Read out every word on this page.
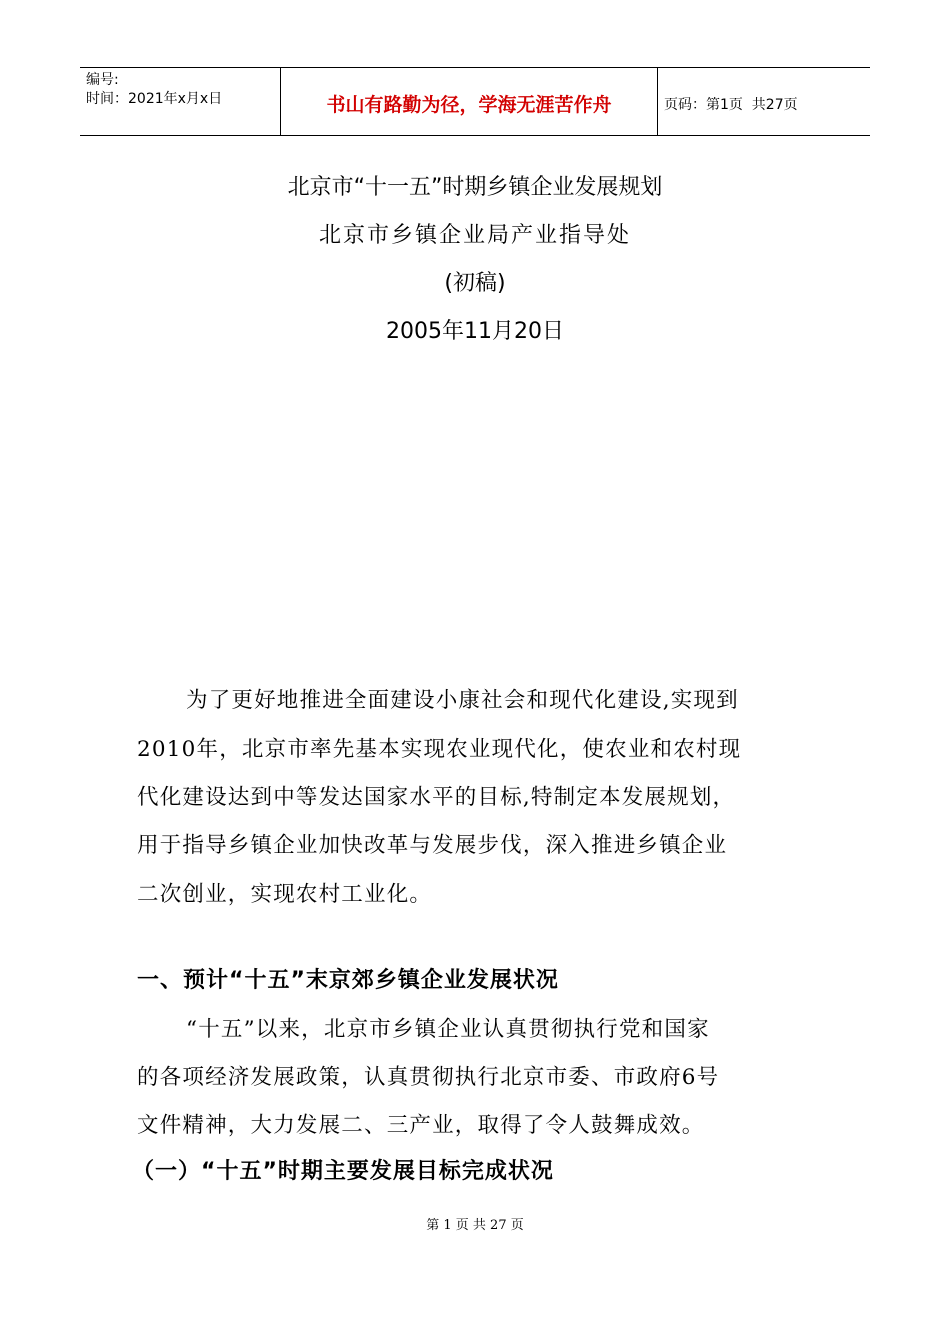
编号:
时间：2021年x月x日	书山有路勤为径，学海无涯苦作舟	页码：第1页  共27页
北京市“十一五”时期乡镇企业发展规划
北京市乡镇企业局产业指导处
(初稿)
2005年11月20日
为了更好地推进全面建设小康社会和现代化建设,实现到
2010年，北京市率先基本实现农业现代化，使农业和农村现
代化建设达到中等发达国家水平的目标,特制定本发展规划，
用于指导乡镇企业加快改革与发展步伐，深入推进乡镇企业
二次创业，实现农村工业化。
一、预计“十五”末京郊乡镇企业发展状况
“十五”以来，北京市乡镇企业认真贯彻执行党和国家
的各项经济发展政策，认真贯彻执行北京市委、市政府6号
文件精神，大力发展二、三产业，取得了令人鼓舞成效。
（一）“十五”时期主要发展目标完成状况
第 1 页 共 27 页
